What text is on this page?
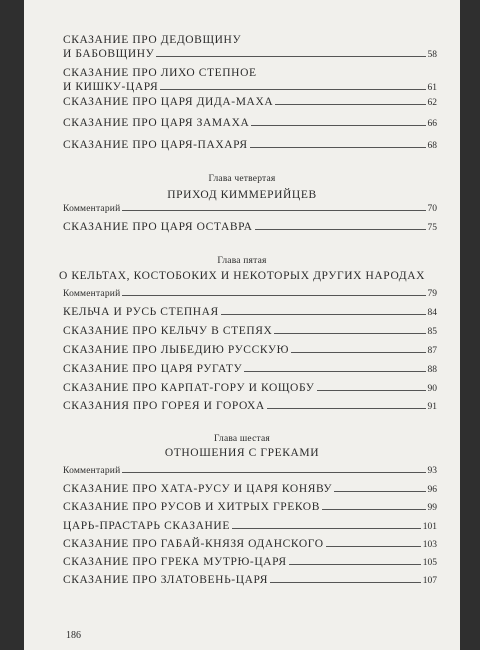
СКАЗАНИЕ ПРО ДЕДОВЩИНУ
И БАБОВЩИНУ	58
СКАЗАНИЕ ПРО ЛИХО СТЕПНОЕ
И КИШКУ-ЦАРЯ	61
СКАЗАНИЕ ПРО ЦАРЯ ДИДА-МАХА	62
СКАЗАНИЕ ПРО ЦАРЯ ЗАМАХА	66
СКАЗАНИЕ ПРО ЦАРЯ-ПАХАРЯ	68
Глава четвертая
ПРИХОД КИММЕРИЙЦЕВ
Комментарий	70
СКАЗАНИЕ ПРО ЦАРЯ ОСТАВРА	75
Глава пятая
О КЕЛЬТАХ, КОСТОБОКИХ И НЕКОТОРЫХ ДРУГИХ НАРОДАХ
Комментарий	79
КЕЛЬЧА И РУСЬ СТЕПНАЯ	84
СКАЗАНИЕ ПРО КЕЛЬЧУ В СТЕПЯХ	85
СКАЗАНИЕ ПРО ЛЫБЕДИЮ РУССКУЮ	87
СКАЗАНИЕ ПРО ЦАРЯ РУГАТУ	88
СКАЗАНИЕ ПРО КАРПАТ-ГОРУ И КОЩОБУ	90
СКАЗАНИЯ ПРО ГОРЕЯ И ГОРОХА	91
Глава шестая
ОТНОШЕНИЯ С ГРЕКАМИ
Комментарий	93
СКАЗАНИЕ ПРО ХАТА-РУСУ И ЦАРЯ КОНЯВУ	96
СКАЗАНИЕ ПРО РУСОВ И ХИТРЫХ ГРЕКОВ	99
ЦАРЬ-ПРАСТАРЬ СКАЗАНИЕ	101
СКАЗАНИЕ ПРО ГАБАЙ-КНЯЗЯ ОДАНСКОГО	103
СКАЗАНИЕ ПРО ГРЕКА МУТРЮ-ЦАРЯ	105
СКАЗАНИЕ ПРО ЗЛАТОВЕНЬ-ЦАРЯ	107
186
